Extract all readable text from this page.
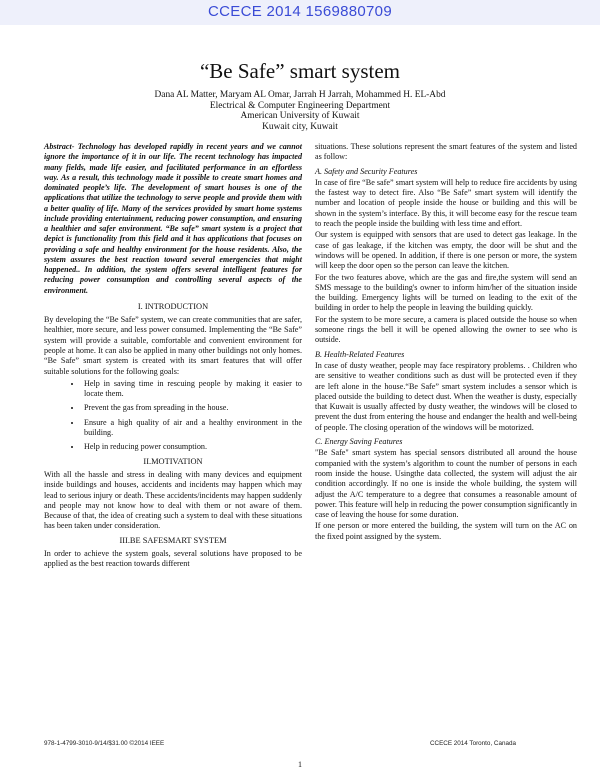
CCECE 2014 1569880709
“Be Safe” smart system
Dana AL Matter, Maryam AL Omar, Jarrah H Jarrah, Mohammed H. EL-Abd
Electrical & Computer Engineering Department
American University of Kuwait
Kuwait city, Kuwait

Abstract- Technology has developed rapidly in recent years and we cannot ignore the importance of it in our life. The recent technology has impacted many fields, made life easier, and facilitated performance in an effortless way. As a result, this technology made it possible to create smart homes and dominated people’s life. The development of smart houses is one of the applications that utilize the technology to serve people and provide them with a better quality of life. Many of the services provided by smart home systems include providing entertainment, reducing power consumption, and ensuring a healthier and safer environment. “Be safe” smart system is a project that depict is functionality from this field and it has applications that focuses on providing a safe and healthy environment for the house residents. Also, the system assures the best reaction toward several emergencies that might happened.. In addition, the system offers several intelligent features for reducing power consumption and controlling several aspects of the environment.

I. INTRODUCTION

By developing the “Be Safe” system, we can create communities that are safer, healthier, more secure, and less power consumed. Implementing the “Be Safe” system will provide a suitable, comfortable and convenient environment for people at home. It can also be applied in many other buildings not only homes. “Be Safe” smart system is created with its smart features that will offer suitable solutions for the following goals:

• Help in saving time in rescuing people by making it easier to locate them.
• Prevent the gas from spreading in the house.
• Ensure a high quality of air and a healthy environment in the building.
• Help in reducing power consumption.
II.MOTIVATION

With all the hassle and stress in dealing with many devices and equipment inside buildings and houses, accidents and incidents may happen which may lead to serious injury or death. These accidents/incidents may happen suddenly and people may not know how to deal with them or not aware of them. Because of that, the idea of creating such a system to deal with these situations has been taken under consideration.

III.BE SAFESMART SYSTEM

In order to achieve the system goals, several solutions have proposed to be applied as the best reaction towards different

situations. These solutions represent the smart features of the system and listed as follow:

A. Safety and Security Features

In case of fire “Be safe” smart system will help to reduce fire accidents by using the fastest way to detect fire. Also “Be Safe” smart system will identify the number and location of people inside the house or building and this will be shown in the system’s interface. By this, it will become easy for the rescue team to reach the people inside the building with less time and effort.

Our system is equipped with sensors that are used to detect gas leakage. In the case of gas leakage, if the kitchen was empty, the door will be shut and the windows will be opened. In addition, if there is one person or more, the system will keep the door open so the person can leave the kitchen.

For the two features above, which are the gas and fire,the system will send an SMS message to the building's owner to inform him/her of the situation inside the building. Emergency lights will be turned on leading to the exit of the building in order to help the people in leaving the building quickly.

For the system to be more secure, a camera is placed outside the house so when someone rings the bell it will be opened allowing the owner to see who is outside.

B. Health-Related Features

In case of dusty weather, people may face respiratory problems. . Children who are sensitive to weather conditions such as dust will be protected even if they are left alone in the house.“Be Safe” smart system includes a sensor which is placed outside the building to detect dust. When the weather is dusty, especially that Kuwait is usually affected by dusty weather, the windows will be closed to prevent the dust from entering the house and endanger the health and well-being of people. The closing operation of the windows will be motorized.

C. Energy Saving Features

"Be Safe" smart system has special sensors distributed all around the house companied with the system’s algorithm to count the number of persons in each room inside the house. Usingthe data collected, the system will adjust the air condition accordingly. If no one is inside the whole building, the system will adjust the A/C temperature to a degree that consumes a reasonable amount of power. This feature will help in reducing the power consumption significantly in case of leaving the house for some duration.

If one person or more entered the building, the system will turn on the AC on the fixed point assigned by the system.

978-1-4799-3010-9/14/$31.00 ©2014 IEEE	CCECE 2014 Toronto, Canada
1
